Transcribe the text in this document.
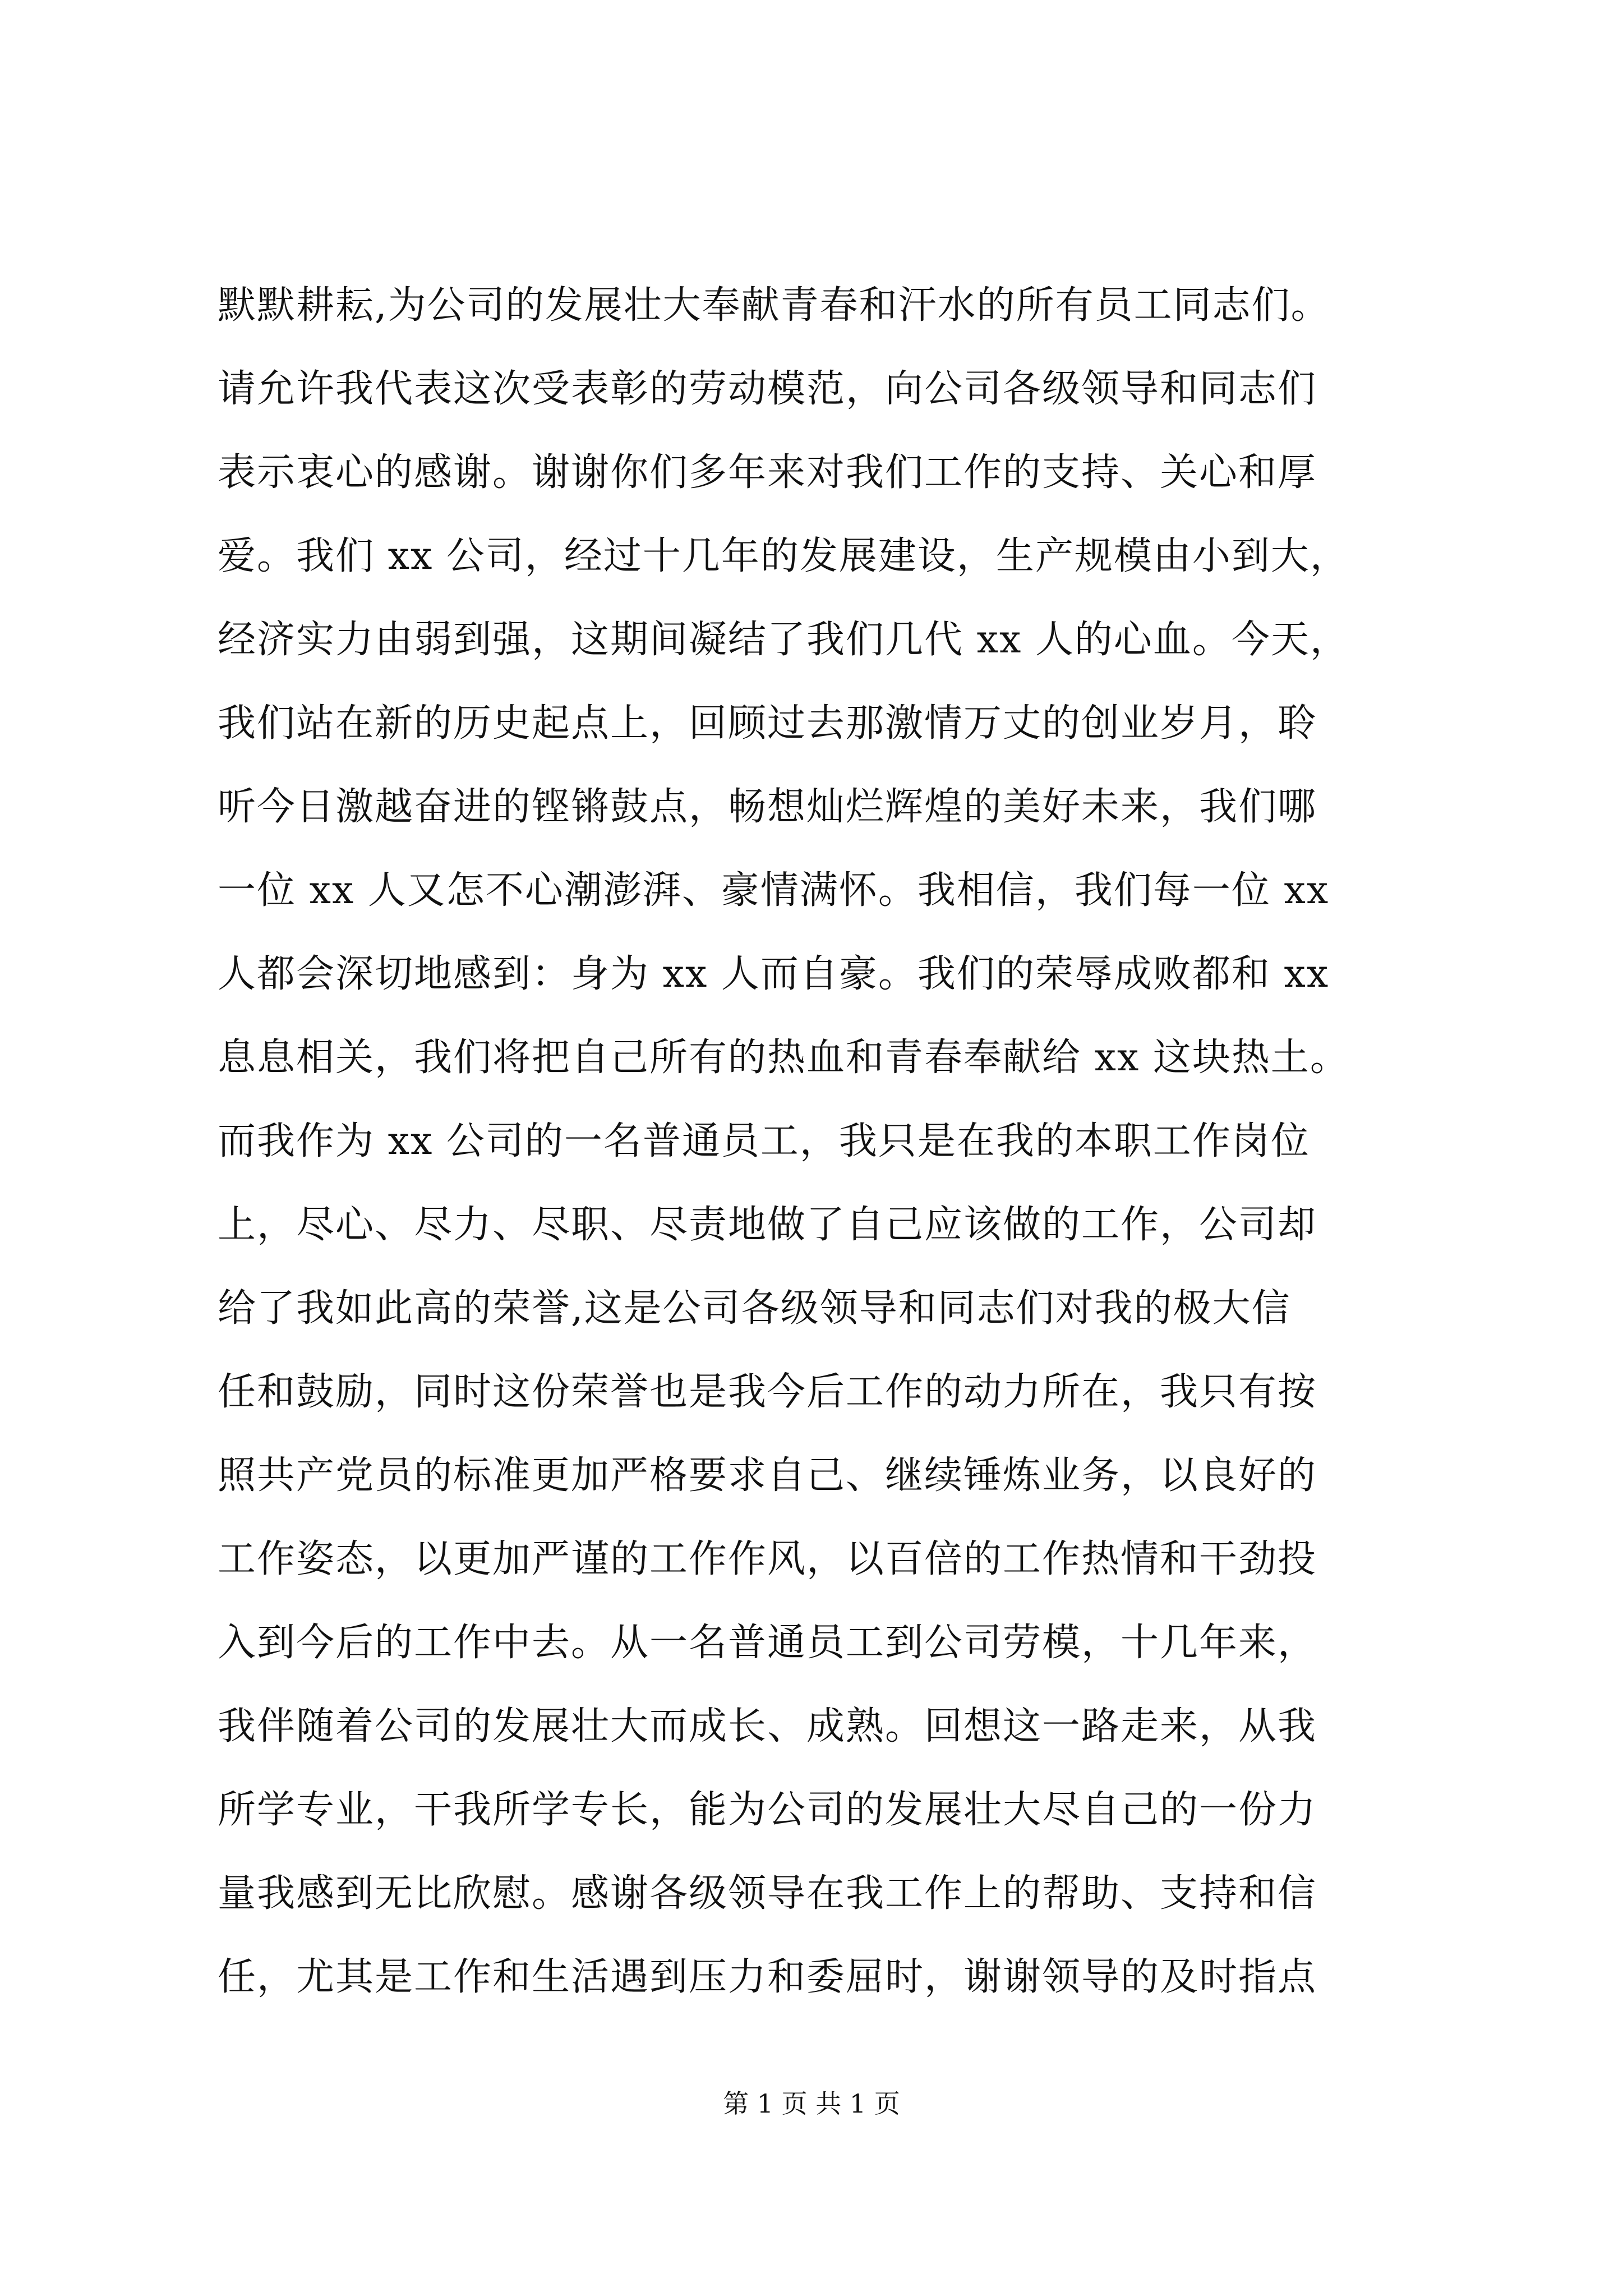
默默耕耘,为公司的发展壮大奉献青春和汗水的所有员工同志们。
请允许我代表这次受表彰的劳动模范，向公司各级领导和同志们
表示衷心的感谢。谢谢你们多年来对我们工作的支持、关心和厚
爱。我们 xx 公司，经过十几年的发展建设，生产规模由小到大，
经济实力由弱到强，这期间凝结了我们几代 xx 人的心血。今天，
我们站在新的历史起点上，回顾过去那激情万丈的创业岁月，聆
听今日激越奋进的铿锵鼓点，畅想灿烂辉煌的美好未来，我们哪
一位 xx 人又怎不心潮澎湃、豪情满怀。我相信，我们每一位 xx
人都会深切地感到：身为 xx 人而自豪。我们的荣辱成败都和 xx
息息相关，我们将把自己所有的热血和青春奉献给 xx 这块热土。
而我作为 xx 公司的一名普通员工，我只是在我的本职工作岗位
上，尽心、尽力、尽职、尽责地做了自己应该做的工作，公司却
给了我如此高的荣誉,这是公司各级领导和同志们对我的极大信
任和鼓励，同时这份荣誉也是我今后工作的动力所在，我只有按
照共产党员的标准更加严格要求自己、继续锤炼业务，以良好的
工作姿态，以更加严谨的工作作风，以百倍的工作热情和干劲投
入到今后的工作中去。从一名普通员工到公司劳模，十几年来，
我伴随着公司的发展壮大而成长、成熟。回想这一路走来，从我
所学专业，干我所学专长，能为公司的发展壮大尽自己的一份力
量我感到无比欣慰。感谢各级领导在我工作上的帮助、支持和信
任，尤其是工作和生活遇到压力和委屈时，谢谢领导的及时指点
第 1 页 共 1 页
